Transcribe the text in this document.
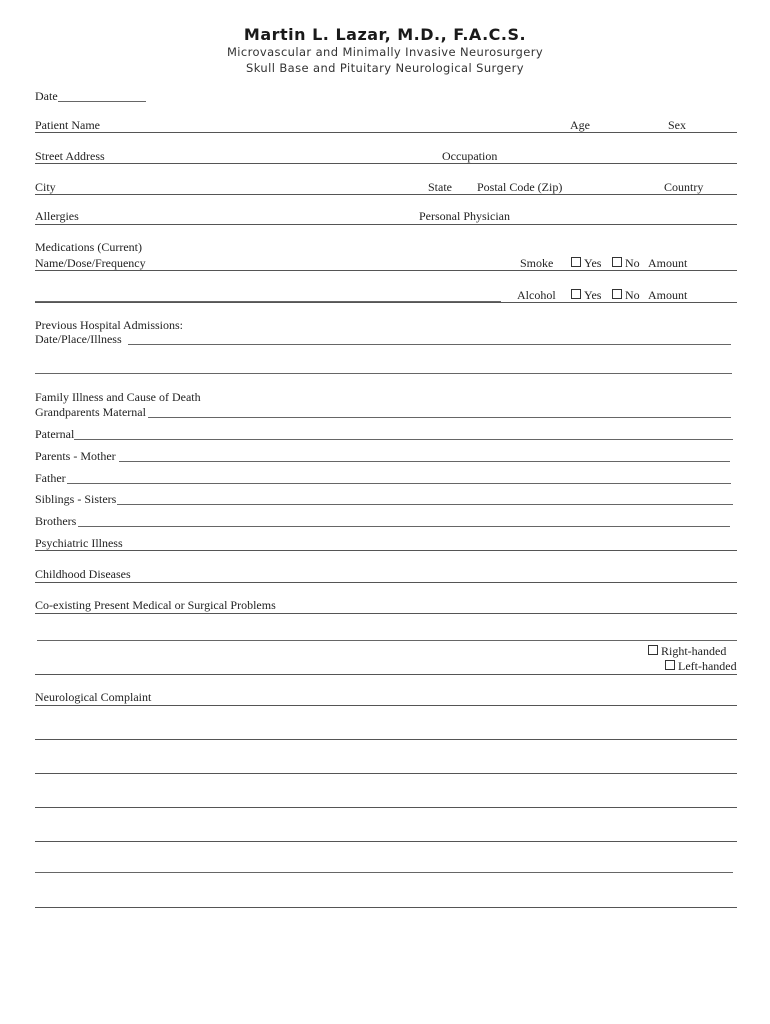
Martin L. Lazar, M.D., F.A.C.S.
Microvascular and Minimally Invasive Neurosurgery
Skull Base and Pituitary Neurological Surgery
Date
Patient Name	Age	Sex
Street Address	Occupation
City	State Postal Code (Zip)	Country
Allergies	Personal Physician
Medications (Current)
Name/Dose/Frequency	Smoke	Yes	No Amount
Alcohol	Yes	No Amount
Previous Hospital Admissions:
Date/Place/Illness
Family Illness and Cause of Death
Grandparents Maternal
Paternal
Parents - Mother
Father
Siblings - Sisters
Brothers
Psychiatric Illness
Childhood Diseases
Co-existing Present Medical or Surgical Problems
Right-handed
Left-handed
Neurological Complaint
